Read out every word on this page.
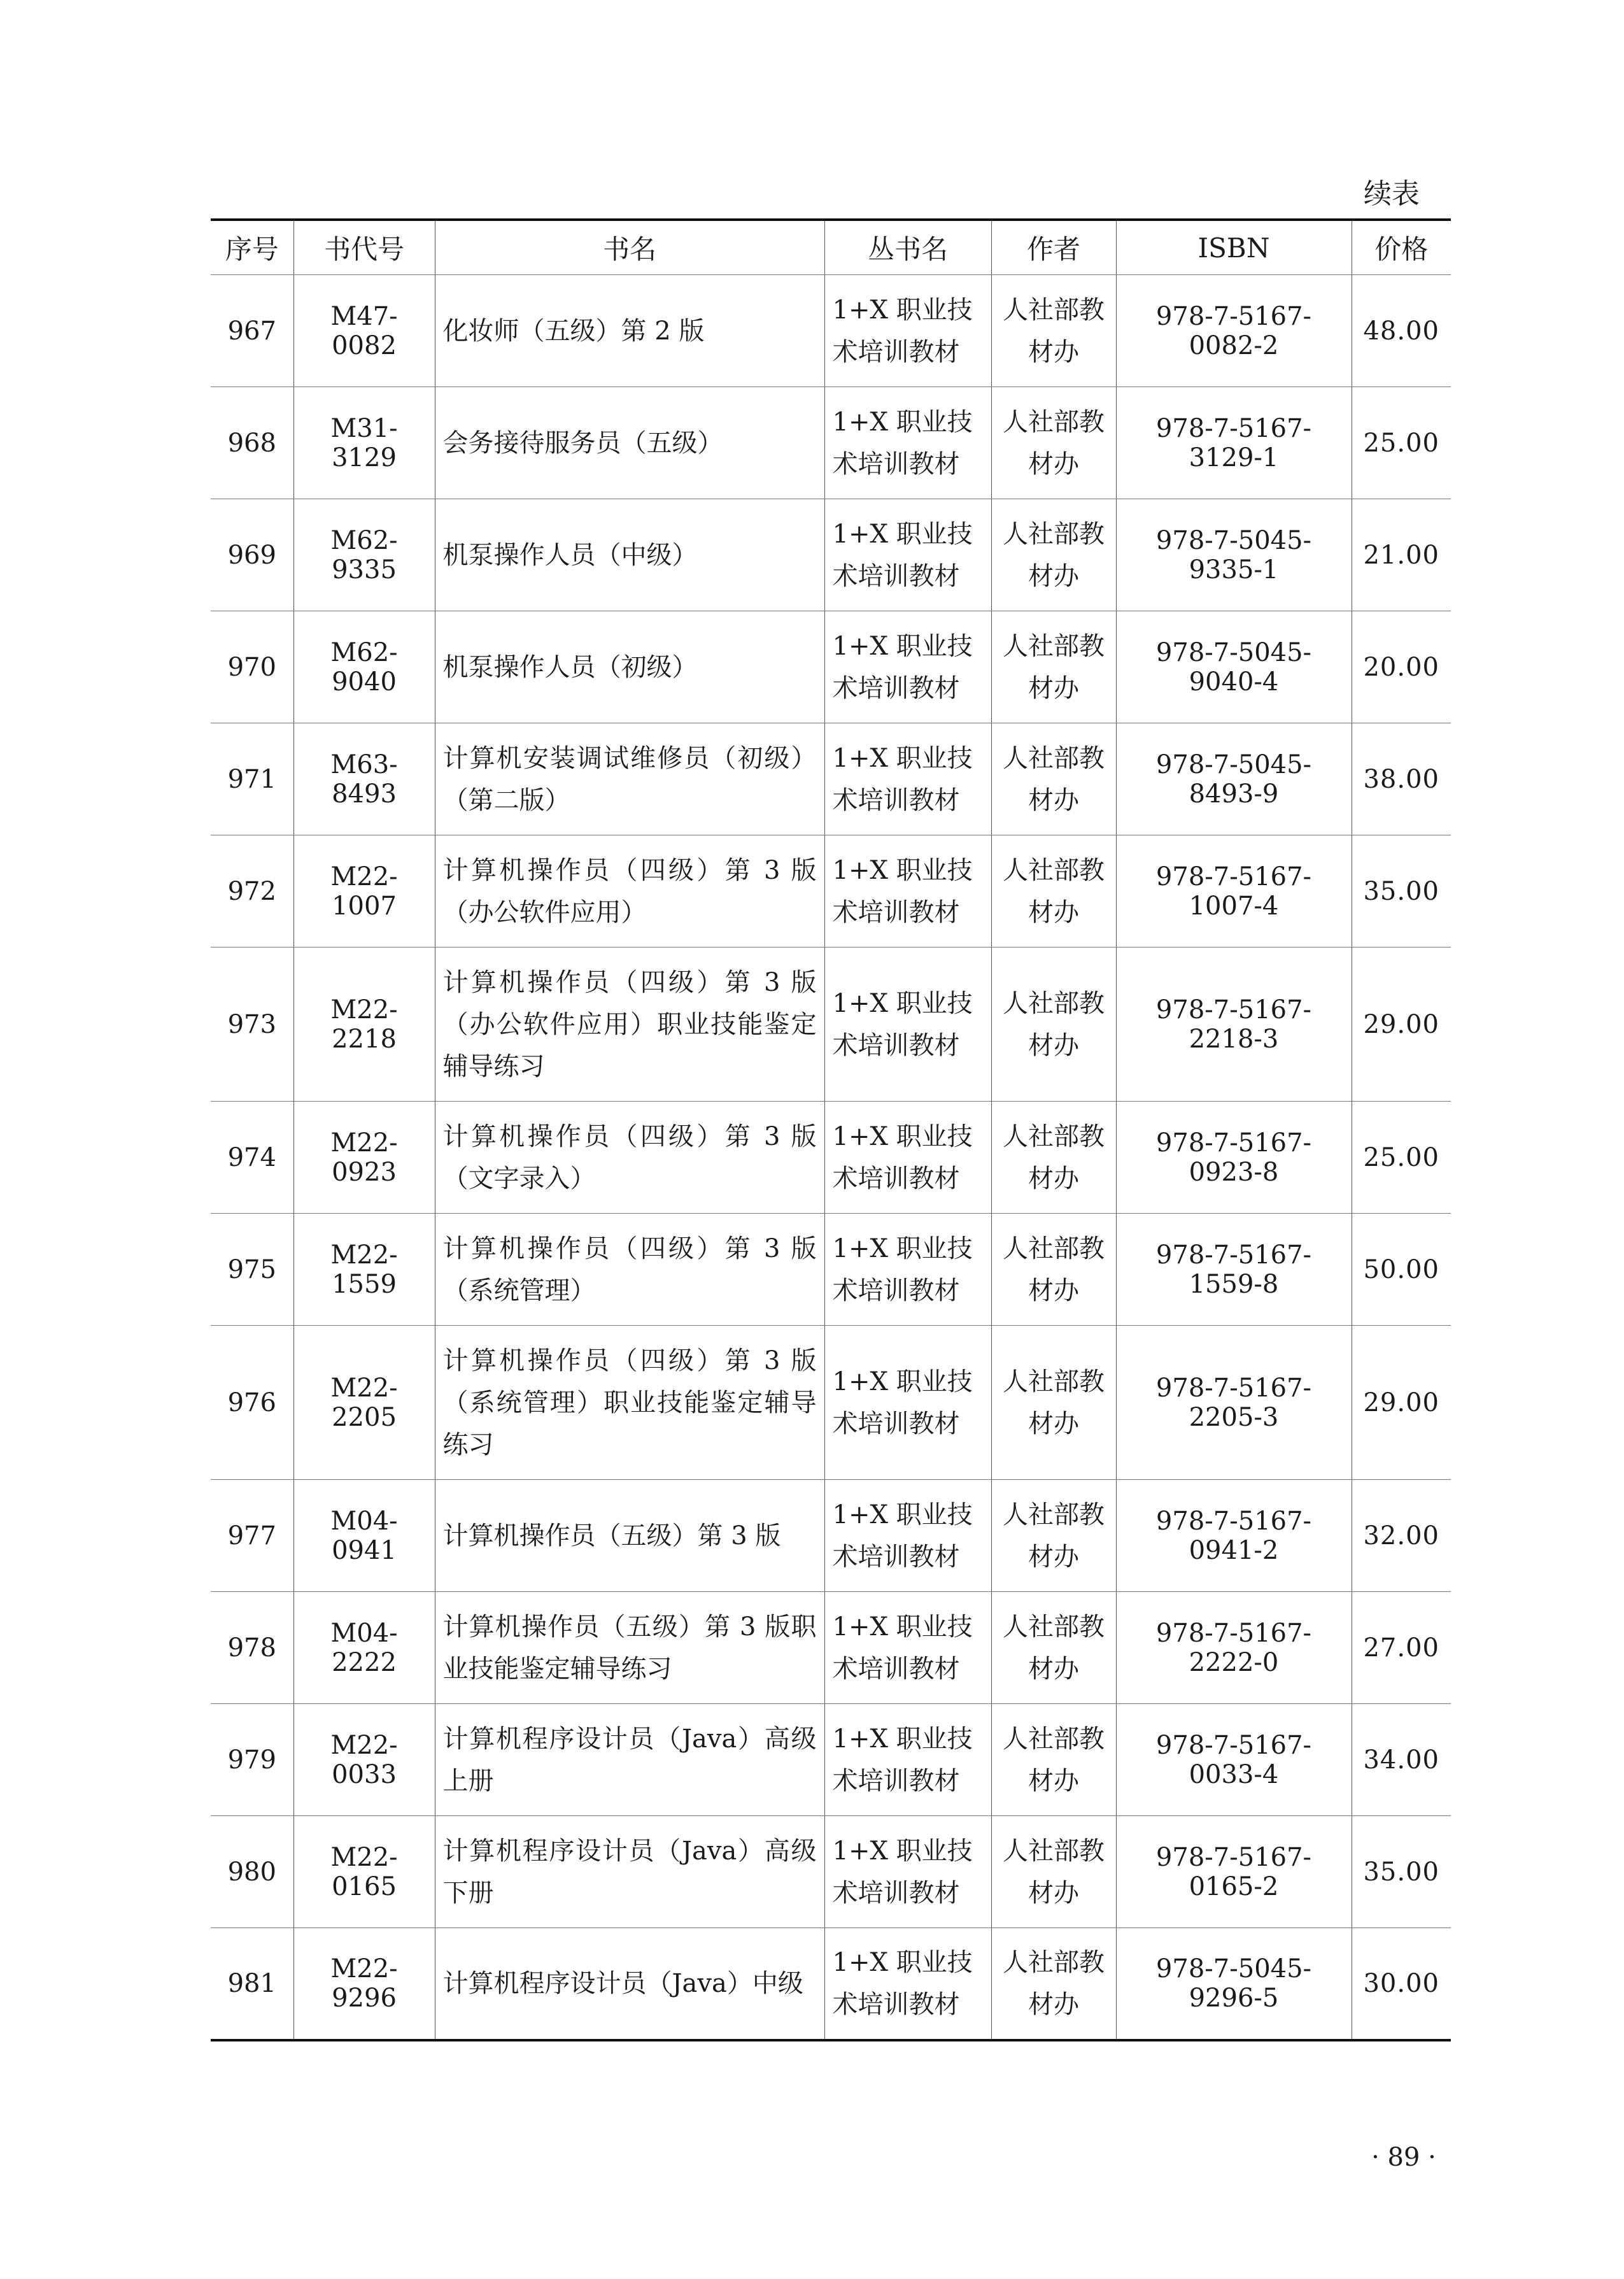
续表
序号	书代号	书名	丛书名	作者	ISBN	价格
967	M47-0082	化妆师（五级）第 2 版	1+X 职业技术培训教材	人社部教材办	978-7-5167-0082-2	48.00
968	M31-3129	会务接待服务员（五级）	1+X 职业技术培训教材	人社部教材办	978-7-5167-3129-1	25.00
969	M62-9335	机泵操作人员（中级）	1+X 职业技术培训教材	人社部教材办	978-7-5045-9335-1	21.00
970	M62-9040	机泵操作人员（初级）	1+X 职业技术培训教材	人社部教材办	978-7-5045-9040-4	20.00
971	M63-8493	计算机安装调试维修员（初级）（第二版）	1+X 职业技术培训教材	人社部教材办	978-7-5045-8493-9	38.00
972	M22-1007	计算机操作员（四级）第 3 版（办公软件应用）	1+X 职业技术培训教材	人社部教材办	978-7-5167-1007-4	35.00
973	M22-2218	计算机操作员（四级）第 3 版（办公软件应用）职业技能鉴定辅导练习	1+X 职业技术培训教材	人社部教材办	978-7-5167-2218-3	29.00
974	M22-0923	计算机操作员（四级）第 3 版（文字录入）	1+X 职业技术培训教材	人社部教材办	978-7-5167-0923-8	25.00
975	M22-1559	计算机操作员（四级）第 3 版（系统管理）	1+X 职业技术培训教材	人社部教材办	978-7-5167-1559-8	50.00
976	M22-2205	计算机操作员（四级）第 3 版（系统管理）职业技能鉴定辅导练习	1+X 职业技术培训教材	人社部教材办	978-7-5167-2205-3	29.00
977	M04-0941	计算机操作员（五级）第 3 版	1+X 职业技术培训教材	人社部教材办	978-7-5167-0941-2	32.00
978	M04-2222	计算机操作员（五级）第 3 版职业技能鉴定辅导练习	1+X 职业技术培训教材	人社部教材办	978-7-5167-2222-0	27.00
979	M22-0033	计算机程序设计员（Java）高级 上册	1+X 职业技术培训教材	人社部教材办	978-7-5167-0033-4	34.00
980	M22-0165	计算机程序设计员（Java）高级 下册	1+X 职业技术培训教材	人社部教材办	978-7-5167-0165-2	35.00
981	M22-9296	计算机程序设计员（Java）中级	1+X 职业技术培训教材	人社部教材办	978-7-5045-9296-5	30.00
· 89 ·
